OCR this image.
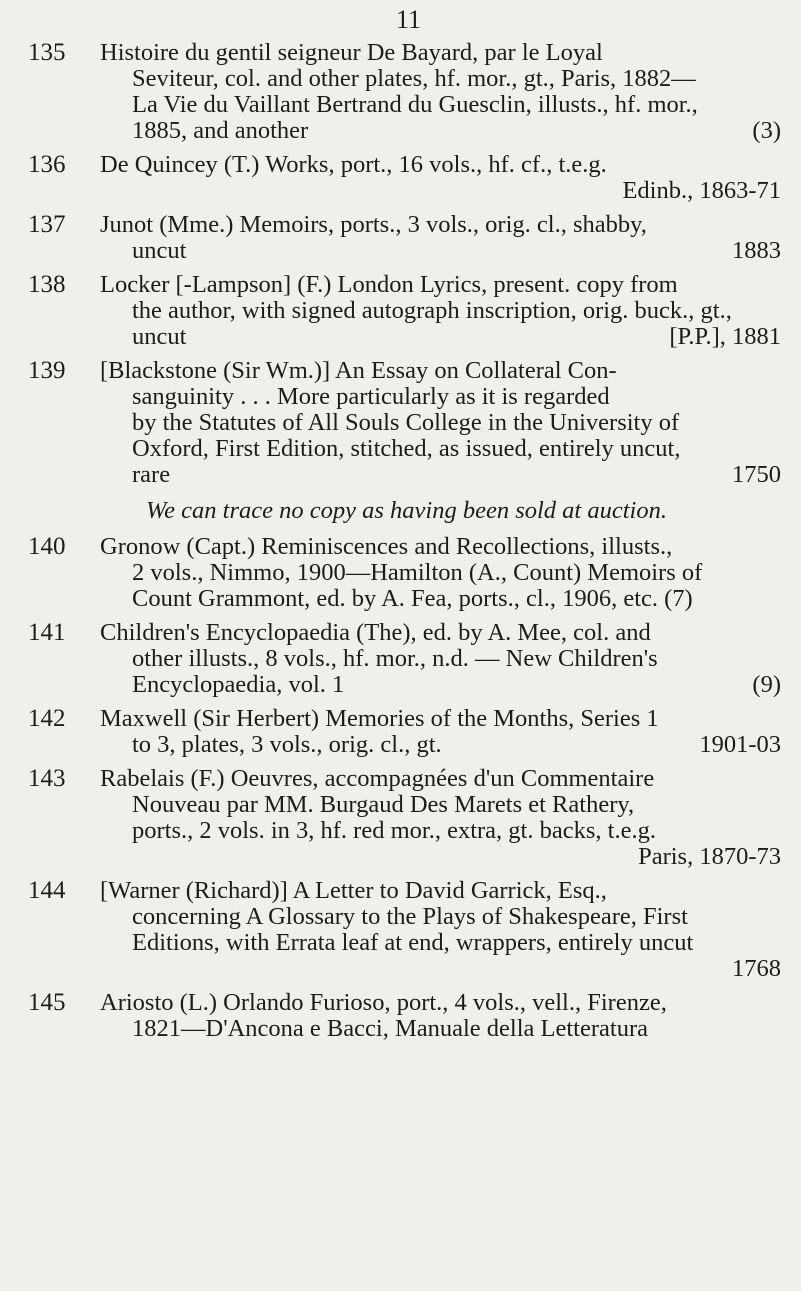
11
135	Histoire du gentil seigneur De Bayard, par le Loyal
Seviteur, col. and other plates, hf. mor., gt., Paris, 1882—
La Vie du Vaillant Bertrand du Guesclin, illusts., hf. mor.,
1885, and another	(3)
136	De Quincey (T.) Works, port., 16 vols., hf. cf., t.e.g.
Edinb., 1863-71
137	Junot (Mme.) Memoirs, ports., 3 vols., orig. cl., shabby,
uncut	1883
138	Locker [-Lampson] (F.) London Lyrics, present. copy from
the author, with signed autograph inscription, orig. buck., gt.,
uncut	[P.P.], 1881
139	[Blackstone (Sir Wm.)] An Essay on Collateral Con-
sanguinity . . . More particularly as it is regarded
by the Statutes of All Souls College in the University of
Oxford, First Edition, stitched, as issued, entirely uncut,
rare	1750
We can trace no copy as having been sold at auction.
140	Gronow (Capt.) Reminiscences and Recollections, illusts.,
2 vols., Nimmo, 1900—Hamilton (A., Count) Memoirs of
Count Grammont, ed. by A. Fea, ports., cl., 1906, etc. (7)
141	Children's Encyclopaedia (The), ed. by A. Mee, col. and
other illusts., 8 vols., hf. mor., n.d. — New Children's
Encyclopaedia, vol. 1	(9)
142	Maxwell (Sir Herbert) Memories of the Months, Series 1
to 3, plates, 3 vols., orig. cl., gt.	1901-03
143	Rabelais (F.) Oeuvres, accompagnées d'un Commentaire
Nouveau par MM. Burgaud Des Marets et Rathery,
ports., 2 vols. in 3, hf. red mor., extra, gt. backs, t.e.g.
Paris, 1870-73
144	[Warner (Richard)] A Letter to David Garrick, Esq.,
concerning A Glossary to the Plays of Shakespeare, First
Editions, with Errata leaf at end, wrappers, entirely uncut
1768
145	Ariosto (L.) Orlando Furioso, port., 4 vols., vell., Firenze,
1821—D'Ancona e Bacci, Manuale della Letteratura
